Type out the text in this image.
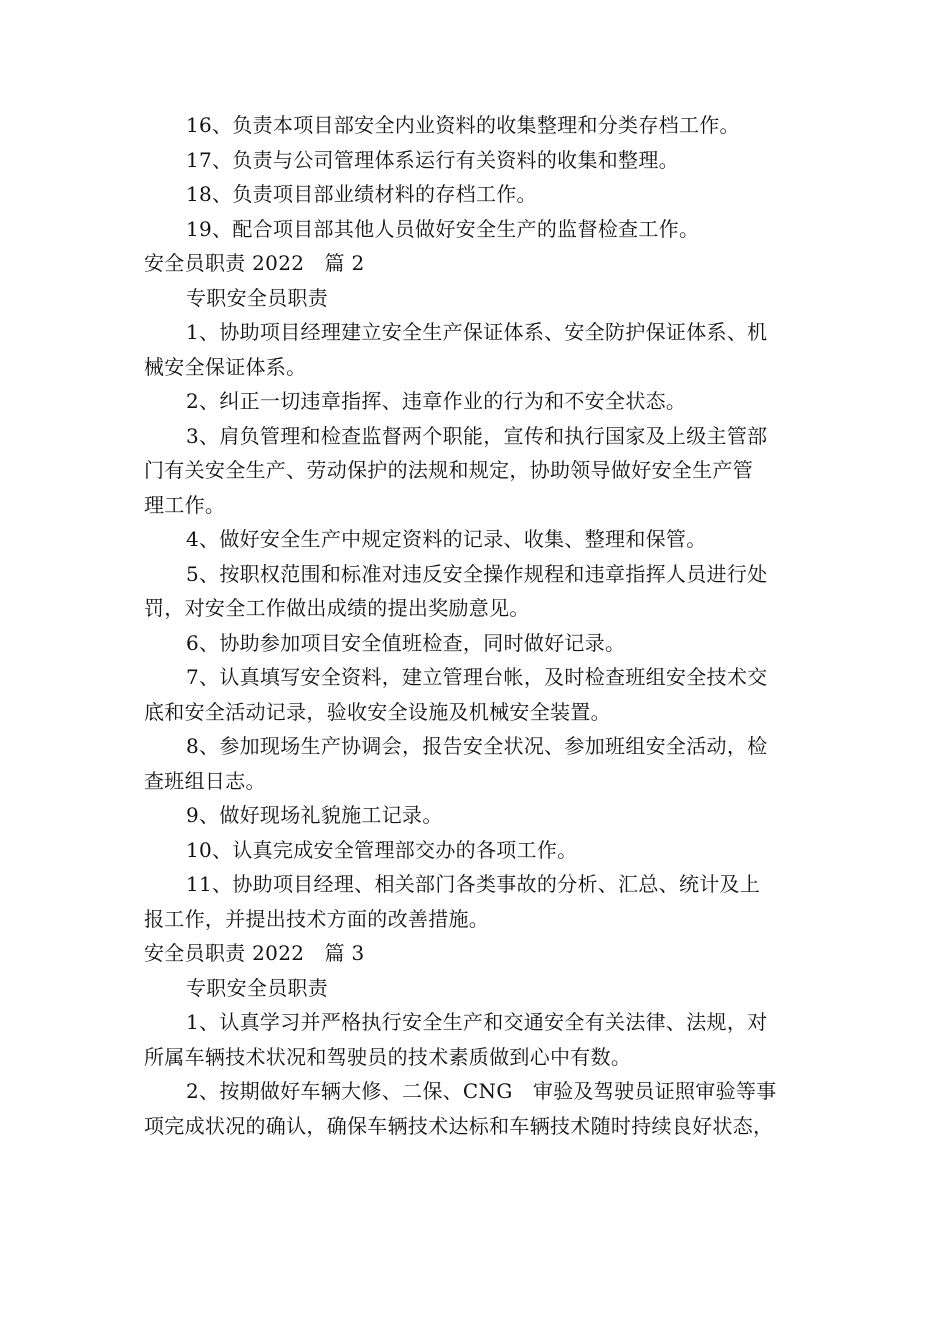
16、负责本项目部安全内业资料的收集整理和分类存档工作。
17、负责与公司管理体系运行有关资料的收集和整理。
18、负责项目部业绩材料的存档工作。
19、配合项目部其他人员做好安全生产的监督检查工作。
安全员职责 2022　篇 2
专职安全员职责
1、协助项目经理建立安全生产保证体系、安全防护保证体系、机
械安全保证体系。
2、纠正一切违章指挥、违章作业的行为和不安全状态。
3、肩负管理和检查监督两个职能，宣传和执行国家及上级主管部
门有关安全生产、劳动保护的法规和规定，协助领导做好安全生产管
理工作。
4、做好安全生产中规定资料的记录、收集、整理和保管。
5、按职权范围和标准对违反安全操作规程和违章指挥人员进行处
罚，对安全工作做出成绩的提出奖励意见。
6、协助参加项目安全值班检查，同时做好记录。
7、认真填写安全资料，建立管理台帐，及时检查班组安全技术交
底和安全活动记录，验收安全设施及机械安全装置。
8、参加现场生产协调会，报告安全状况、参加班组安全活动，检
查班组日志。
9、做好现场礼貌施工记录。
10、认真完成安全管理部交办的各项工作。
11、协助项目经理、相关部门各类事故的分析、汇总、统计及上
报工作，并提出技术方面的改善措施。
安全员职责 2022　篇 3
专职安全员职责
1、认真学习并严格执行安全生产和交通安全有关法律、法规，对
所属车辆技术状况和驾驶员的技术素质做到心中有数。
2、按期做好车辆大修、二保、CNG　审验及驾驶员证照审验等事
项完成状况的确认，确保车辆技术达标和车辆技术随时持续良好状态，
